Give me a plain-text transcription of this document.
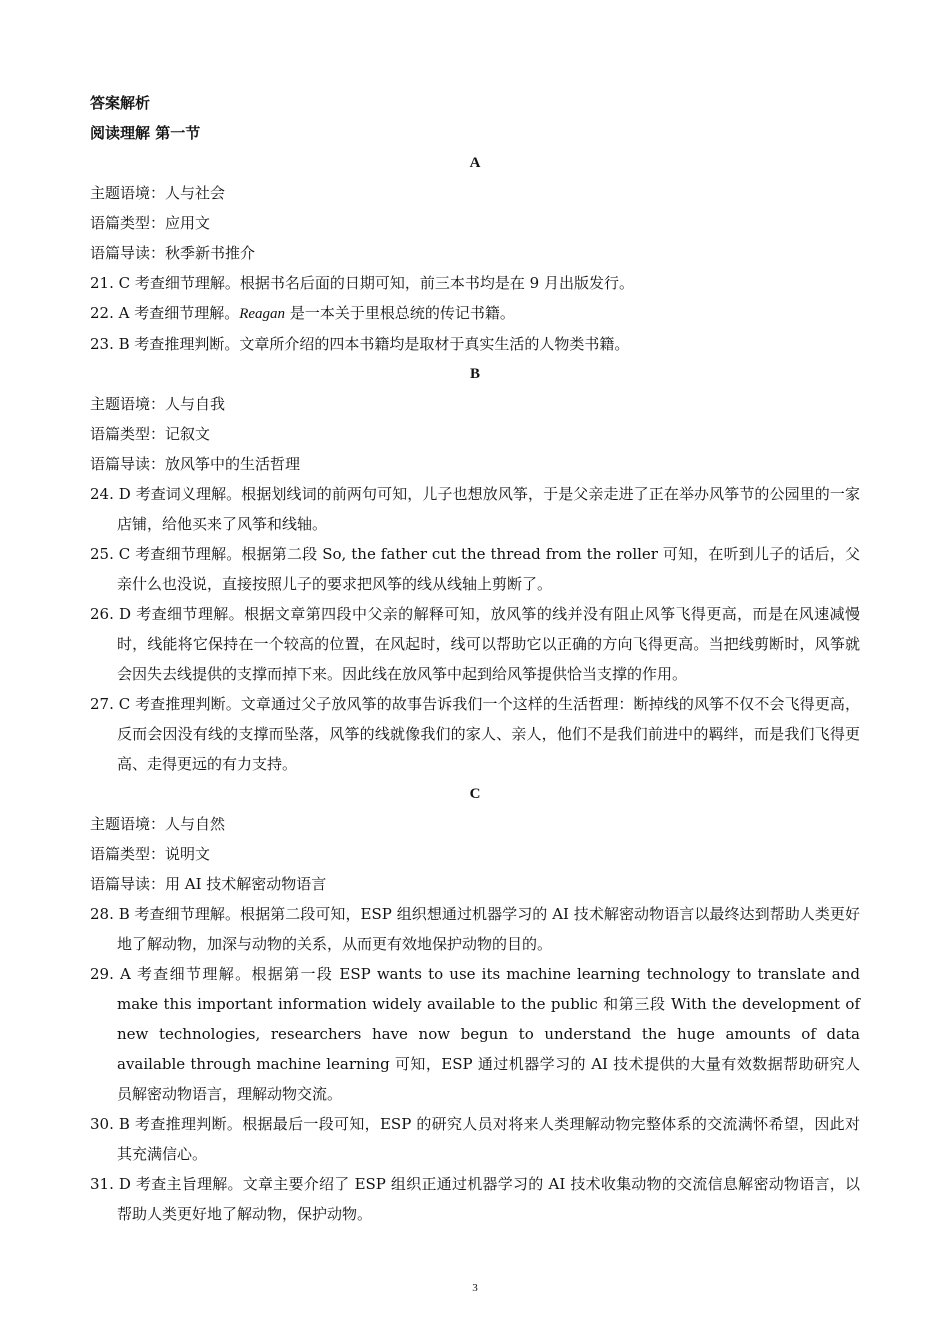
答案解析
阅读理解 第一节
A
主题语境：人与社会
语篇类型：应用文
语篇导读：秋季新书推介
21. C 考查细节理解。根据书名后面的日期可知，前三本书均是在 9 月出版发行。
22. A 考查细节理解。Reagan 是一本关于里根总统的传记书籍。
23. B 考查推理判断。文章所介绍的四本书籍均是取材于真实生活的人物类书籍。
B
主题语境：人与自我
语篇类型：记叙文
语篇导读：放风筝中的生活哲理
24. D 考查词义理解。根据划线词的前两句可知，儿子也想放风筝，于是父亲走进了正在举办风筝节的公园里的一家店铺，给他买来了风筝和线轴。
25. C 考查细节理解。根据第二段 So, the father cut the thread from the roller 可知，在听到儿子的话后，父亲什么也没说，直接按照儿子的要求把风筝的线从线轴上剪断了。
26. D 考查细节理解。根据文章第四段中父亲的解释可知，放风筝的线并没有阻止风筝飞得更高，而是在风速减慢时，线能将它保持在一个较高的位置，在风起时，线可以帮助它以正确的方向飞得更高。当把线剪断时，风筝就会因失去线提供的支撑而掉下来。因此线在放风筝中起到给风筝提供恰当支撑的作用。
27. C 考查推理判断。文章通过父子放风筝的故事告诉我们一个这样的生活哲理：断掉线的风筝不仅不会飞得更高，反而会因没有线的支撑而坠落，风筝的线就像我们的家人、亲人，他们不是我们前进中的羁绊，而是我们飞得更高、走得更远的有力支持。
C
主题语境：人与自然
语篇类型：说明文
语篇导读：用 AI 技术解密动物语言
28. B 考查细节理解。根据第二段可知，ESP 组织想通过机器学习的 AI 技术解密动物语言以最终达到帮助人类更好地了解动物，加深与动物的关系，从而更有效地保护动物的目的。
29. A 考查细节理解。根据第一段 ESP wants to use its machine learning technology to translate and make this important information widely available to the public 和第三段 With the development of new technologies, researchers have now begun to understand the huge amounts of data available through machine learning 可知，ESP 通过机器学习的 AI 技术提供的大量有效数据帮助研究人员解密动物语言，理解动物交流。
30. B 考查推理判断。根据最后一段可知，ESP 的研究人员对将来人类理解动物完整体系的交流满怀希望，因此对其充满信心。
31. D 考查主旨理解。文章主要介绍了 ESP 组织正通过机器学习的 AI 技术收集动物的交流信息解密动物语言，以帮助人类更好地了解动物，保护动物。
3
